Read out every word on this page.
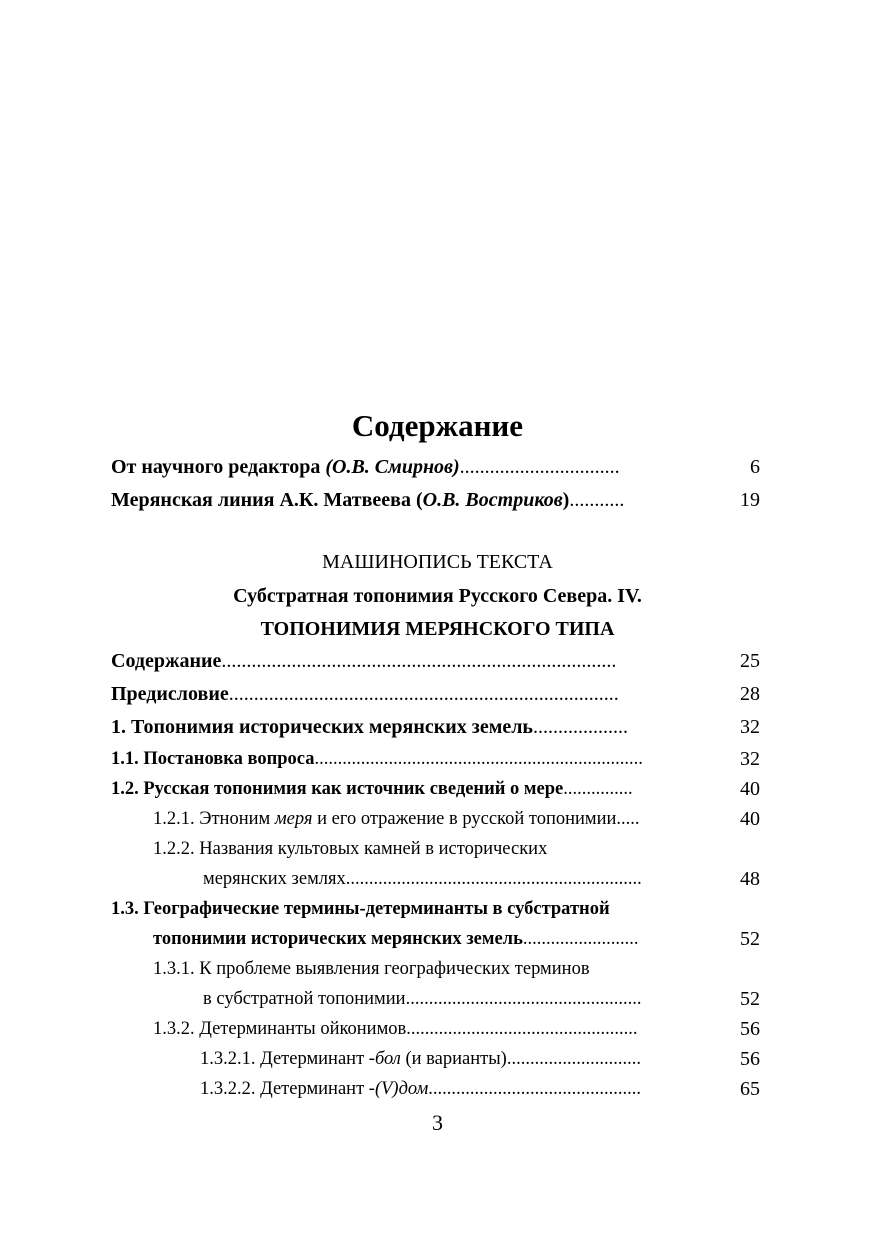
Содержание
От научного редактора (О.В. Смирнов)................................	6
Мерянская линия А.К. Матвеева (О.В. Востриков)...........	19
МАШИНОПИСЬ ТЕКСТА
Субстратная топонимия Русского Севера. IV.
ТОПОНИМИЯ МЕРЯНСКОГО ТИПА
Содержание...............................................................................	25
Предисловие..............................................................................	28
1. Топонимия исторических мерянских земель...................	32
1.1. Постановка вопроса.......................................................................	32
1.2. Русская топонимия как источник сведений о мере...............	40
1.2.1. Этноним меря и его отражение в русской топонимии.....	40
1.2.2. Названия культовых камней в исторических
мерянских землях................................................................	48
1.3. Географические термины-детерминанты в субстратной
топонимии исторических мерянских земель.........................	52
1.3.1. К проблеме выявления географических терминов
в субстратной топонимии...................................................	52
1.3.2. Детерминанты ойконимов..................................................	56
1.3.2.1. Детерминант -бол (и варианты).............................	56
1.3.2.2. Детерминант -(V)дом..............................................	65
3
